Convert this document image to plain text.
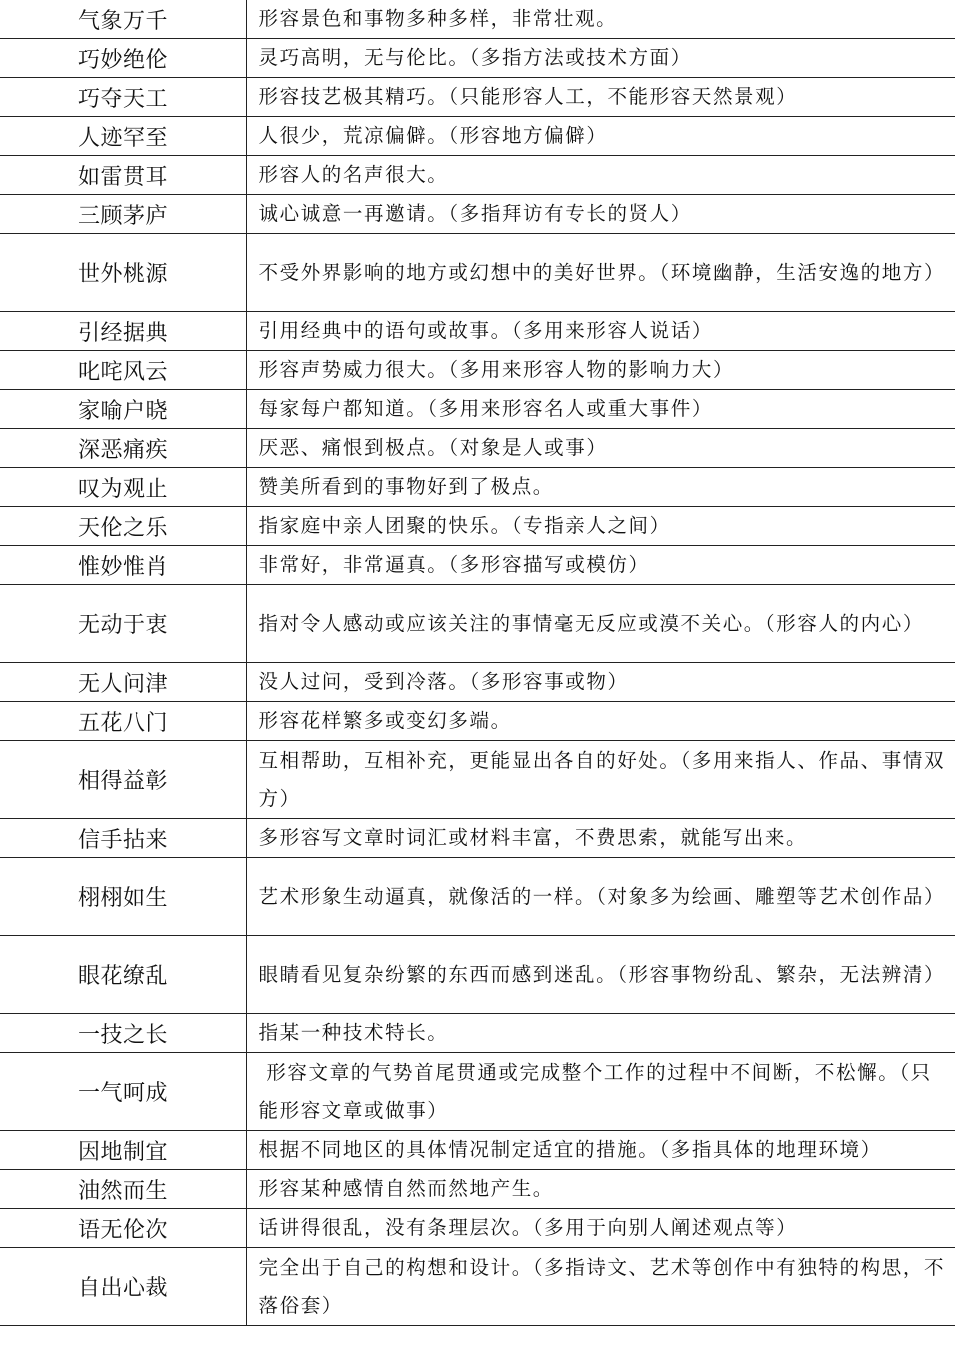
气象万千	形容景色和事物多种多样，非常壮观。
巧妙绝伦	灵巧高明，无与伦比。（多指方法或技术方面）
巧夺天工	形容技艺极其精巧。（只能形容人工，不能形容天然景观）
人迹罕至	人很少，荒凉偏僻。（形容地方偏僻）
如雷贯耳	形容人的名声很大。
三顾茅庐	诚心诚意一再邀请。（多指拜访有专长的贤人）
世外桃源	不受外界影响的地方或幻想中的美好世界。（环境幽静，生活安逸的地方）
引经据典	引用经典中的语句或故事。（多用来形容人说话）
叱咤风云	形容声势威力很大。（多用来形容人物的影响力大）
家喻户晓	每家每户都知道。（多用来形容名人或重大事件）
深恶痛疾	厌恶、痛恨到极点。（对象是人或事）
叹为观止	赞美所看到的事物好到了极点。
天伦之乐	指家庭中亲人团聚的快乐。（专指亲人之间）
惟妙惟肖	非常好，非常逼真。（多形容描写或模仿）
无动于衷	指对令人感动或应该关注的事情毫无反应或漠不关心。（形容人的内心）
无人问津	没人过问，受到冷落。（多形容事或物）
五花八门	形容花样繁多或变幻多端。
相得益彰	互相帮助，互相补充，更能显出各自的好处。（多用来指人、作品、事情双方）
信手拈来	多形容写文章时词汇或材料丰富，不费思索，就能写出来。
栩栩如生	艺术形象生动逼真，就像活的一样。（对象多为绘画、雕塑等艺术创作品）
眼花缭乱	眼睛看见复杂纷繁的东西而感到迷乱。（形容事物纷乱、繁杂，无法辨清）
一技之长	指某一种技术特长。
一气呵成	形容文章的气势首尾贯通或完成整个工作的过程中不间断，不松懈。（只能形容文章或做事）
因地制宜	根据不同地区的具体情况制定适宜的措施。（多指具体的地理环境）
油然而生	形容某种感情自然而然地产生。
语无伦次	话讲得很乱，没有条理层次。（多用于向别人阐述观点等）
自出心裁	完全出于自己的构想和设计。（多指诗文、艺术等创作中有独特的构思，不落俗套）
